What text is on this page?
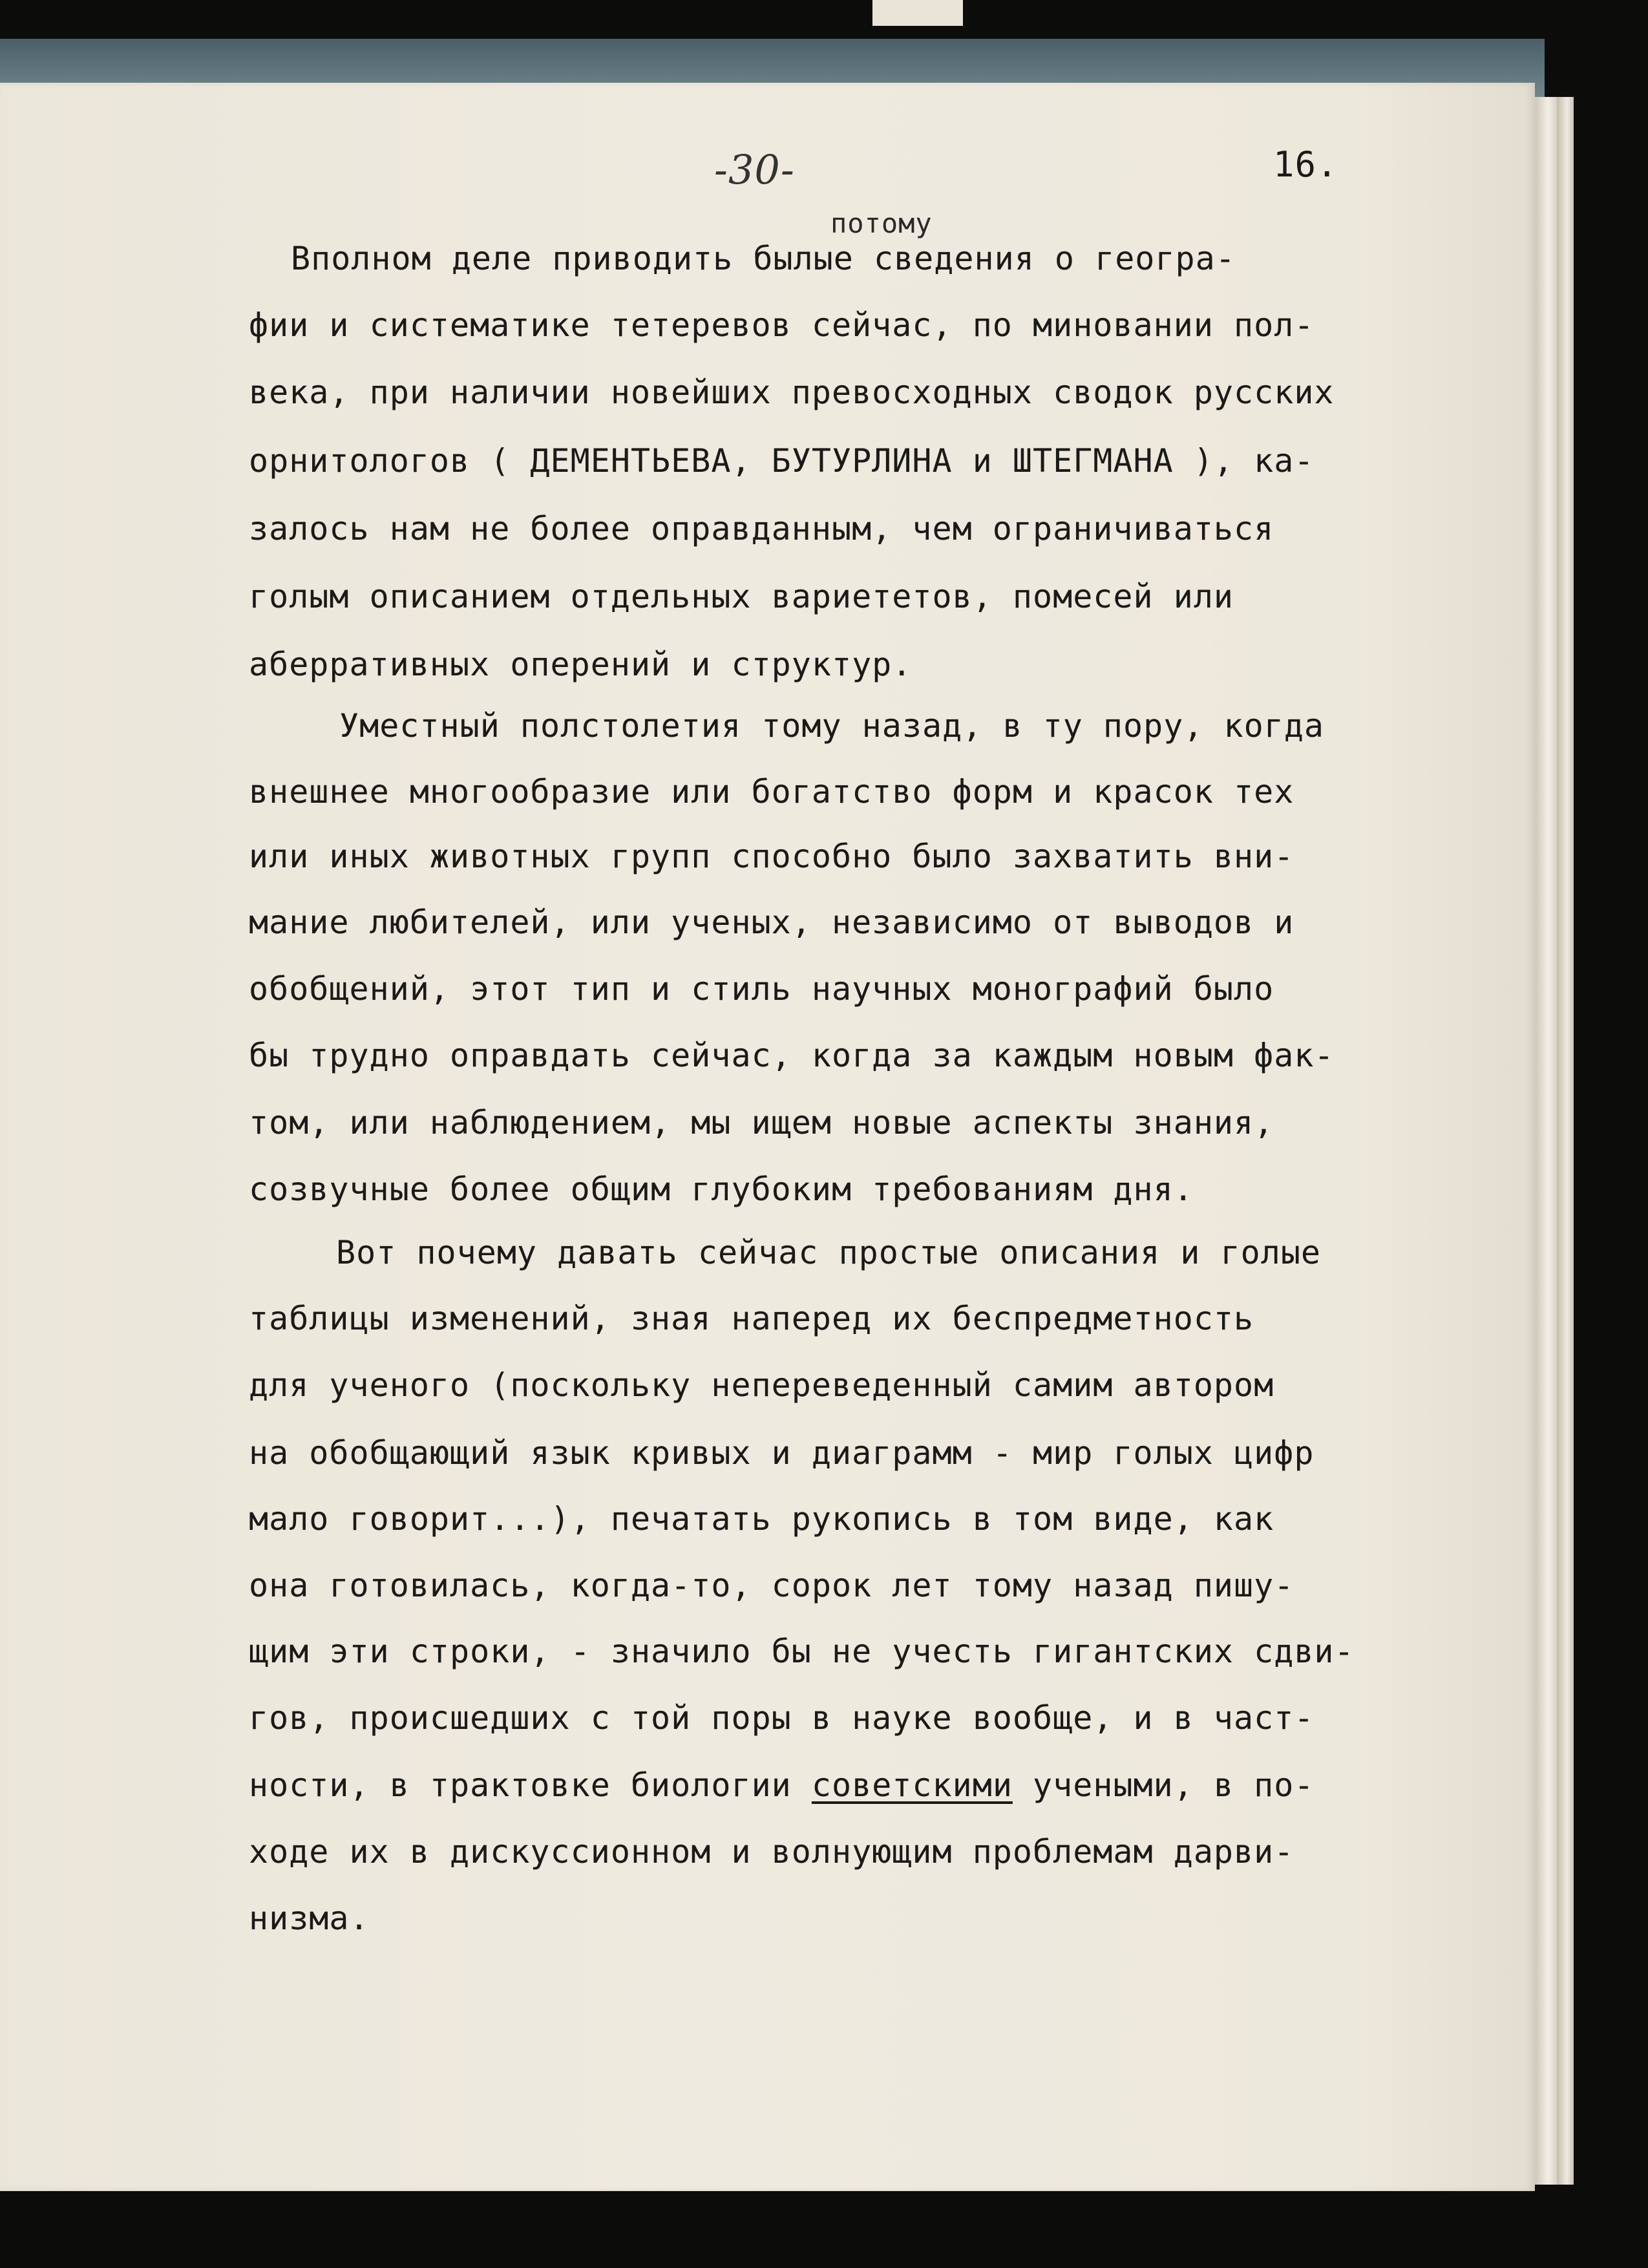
-30-	16.
потому
Вполном деле приводить былые сведения о геогра-
фии и систематике тетеревов сейчас, по миновании пол-
века, при наличии новейших превосходных сводок русских
орнитологов ( ДЕМЕНТЬЕВА, БУТУРЛИНА и ШТЕГМАНА ), ка-
залось нам не более оправданным, чем ограничиваться
голым описанием отдельных вариететов, помесей или
аберративных оперений и структур.
Уместный полстолетия тому назад, в ту пору, когда
внешнее многообразие или богатство форм и красок тех
или иных животных групп способно было захватить вни-
мание любителей, или ученых, независимо от выводов и
обобщений, этот тип и стиль научных монографий было
бы трудно оправдать сейчас, когда за каждым новым фак-
том, или наблюдением, мы ищем новые аспекты знания,
созвучные более общим глубоким требованиям дня.
Вот почему давать сейчас простые описания и голые
таблицы изменений, зная наперед их беспредметность
для ученого (поскольку непереведенный самим автором
на обобщающий язык кривых и диаграмм - мир голых цифр
мало говорит...), печатать рукопись в том виде, как
она готовилась, когда-то, сорок лет тому назад пишу-
щим эти строки, - значило бы не учесть гигантских сдви-
гов, происшедших с той поры в науке вообще, и в част-
ности, в трактовке биологии советскими учеными, в по-
ходе их в дискуссионном и волнующим проблемам дарви-
низма.
